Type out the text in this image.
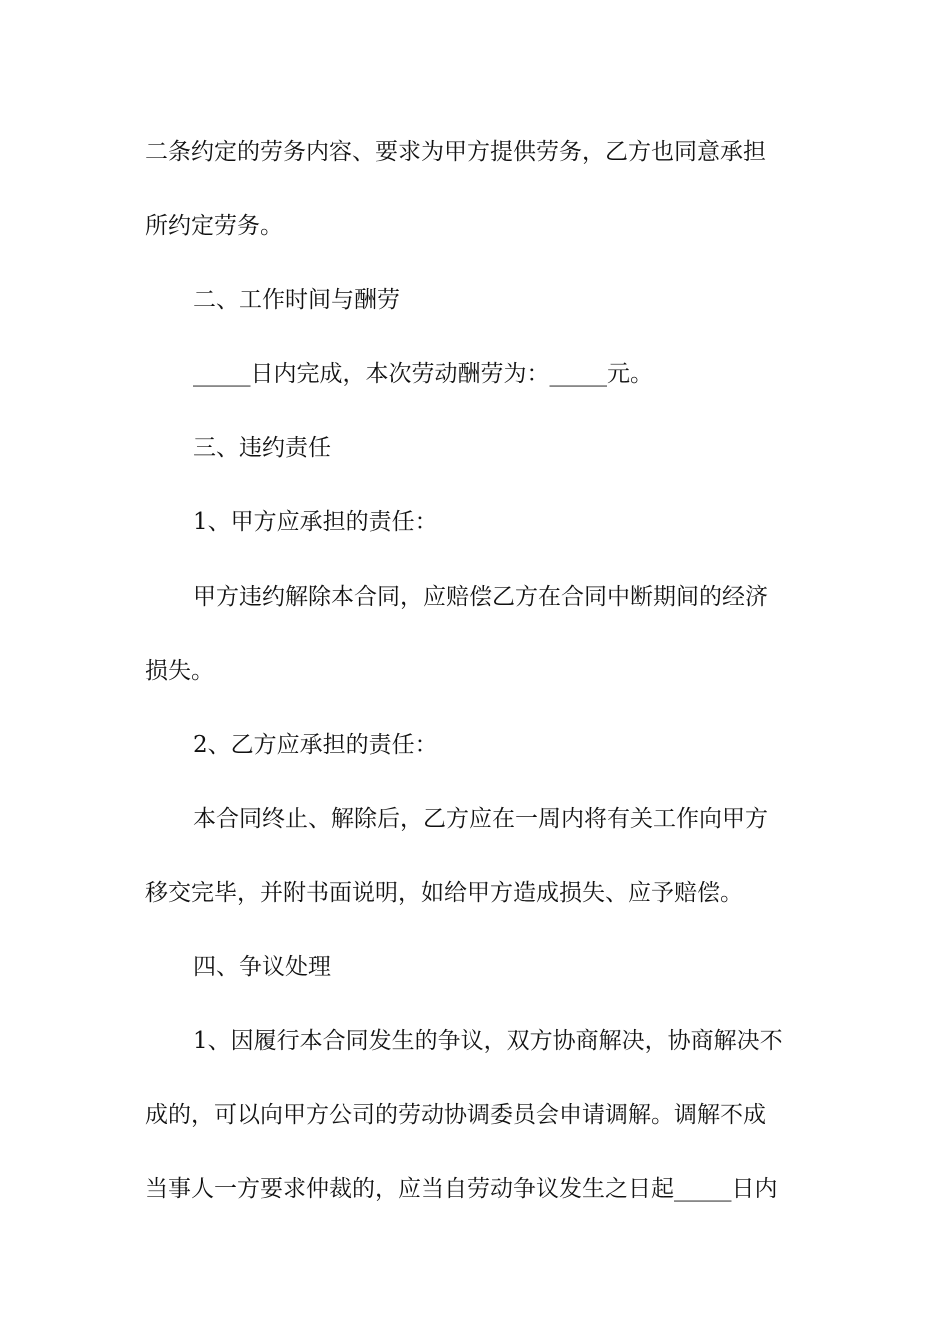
二条约定的劳务内容、要求为甲方提供劳务，乙方也同意承担
所约定劳务。
二、工作时间与酬劳
_____日内完成，本次劳动酬劳为：_____元。
三、违约责任
1、甲方应承担的责任：
甲方违约解除本合同，应赔偿乙方在合同中断期间的经济
损失。
2、乙方应承担的责任：
本合同终止、解除后，乙方应在一周内将有关工作向甲方
移交完毕，并附书面说明，如给甲方造成损失、应予赔偿。
四、争议处理
1、因履行本合同发生的争议，双方协商解决，协商解决不
成的，可以向甲方公司的劳动协调委员会申请调解。调解不成
当事人一方要求仲裁的，应当自劳动争议发生之日起_____日内
